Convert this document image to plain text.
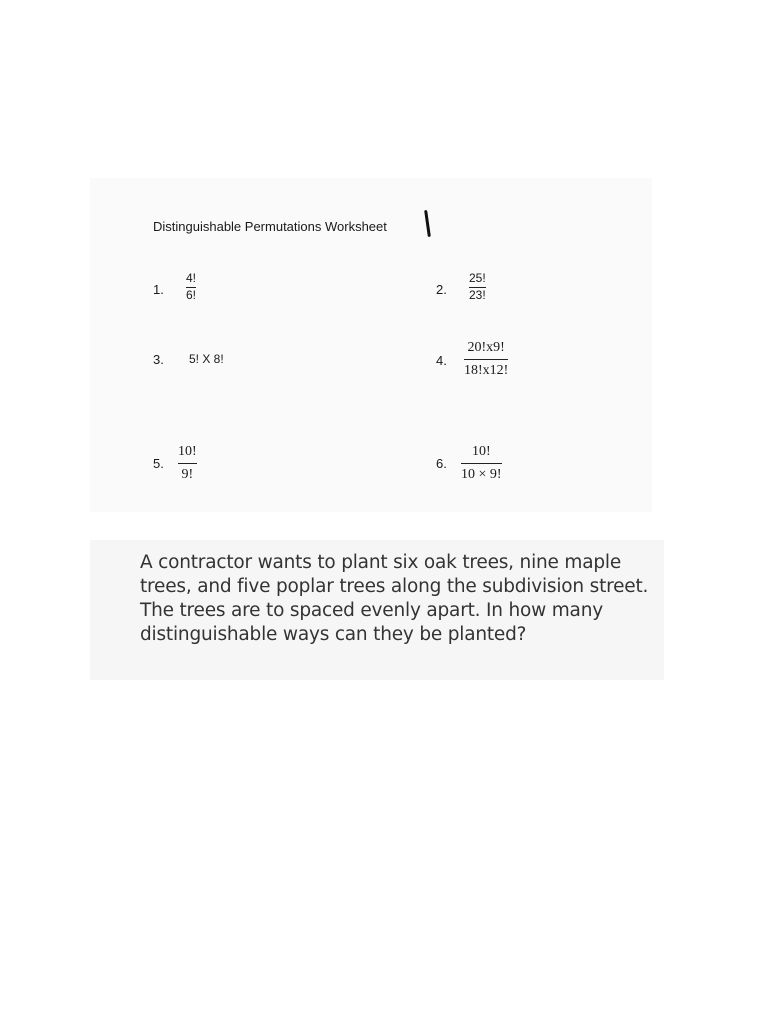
Distinguishable Permutations Worksheet
1.
4!
6!	2.
25!
23!
3. 5! X 8!	4.
20!x9!
18!x12!
5.
10!
9!
6.
10!
10 × 9!
A contractor wants to plant six oak trees, nine maple
trees, and five poplar trees along the subdivision street.
The trees are to spaced evenly apart. In how many
distinguishable ways can they be planted?
